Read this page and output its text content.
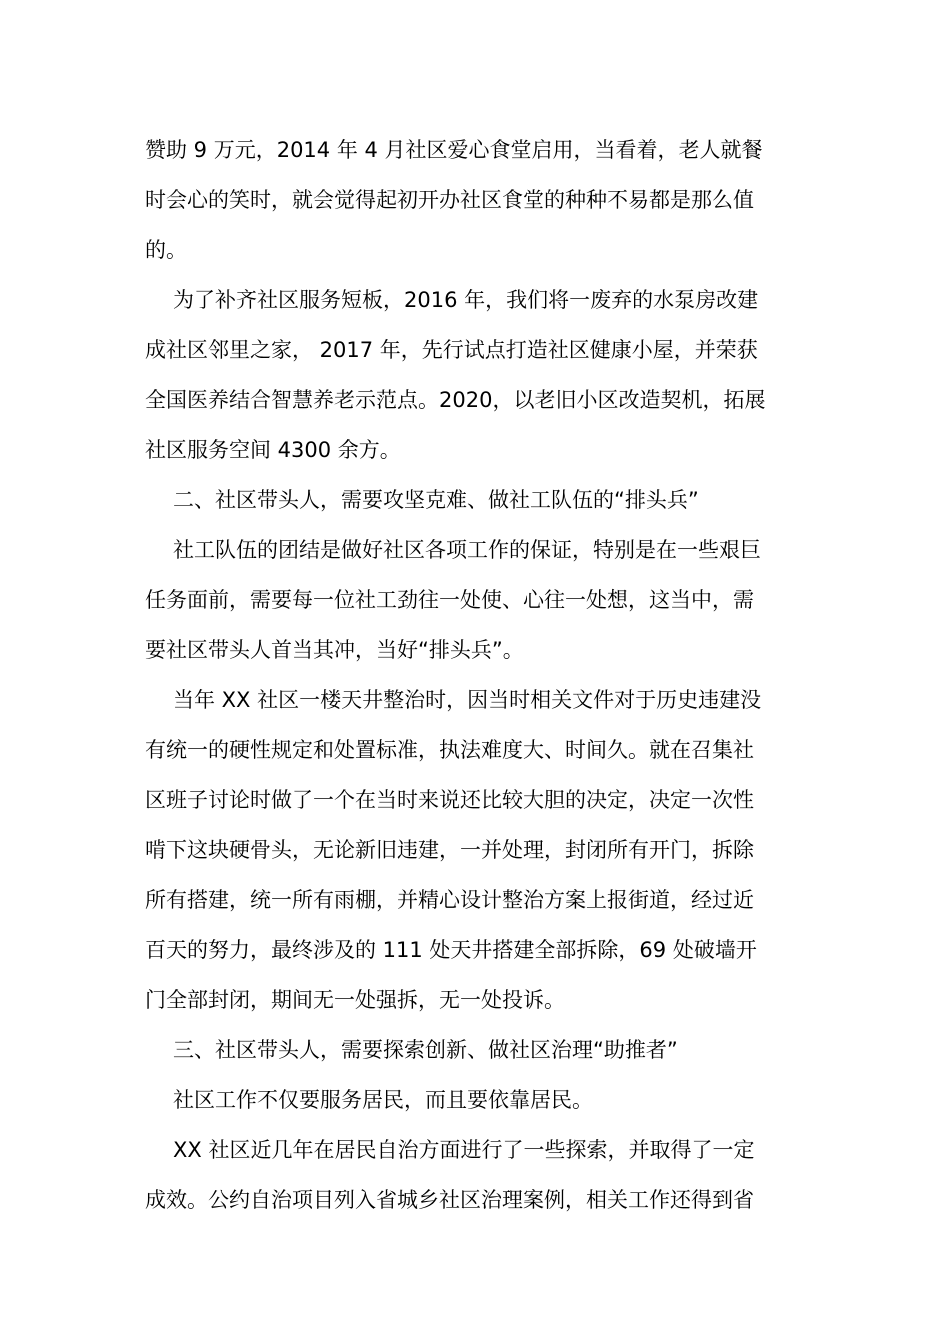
赞助 9 万元，2014 年 4 月社区爱心食堂启用，当看着，老人就餐
时会心的笑时，就会觉得起初开办社区食堂的种种不易都是那么值
的。
为了补齐社区服务短板，2016 年，我们将一废弃的水泵房改建
成社区邻里之家， 2017 年，先行试点打造社区健康小屋，并荣获
全国医养结合智慧养老示范点。2020，以老旧小区改造契机，拓展
社区服务空间 4300 余方。
二、社区带头人，需要攻坚克难、做社工队伍的“排头兵”
社工队伍的团结是做好社区各项工作的保证，特别是在一些艰巨
任务面前，需要每一位社工劲往一处使、心往一处想，这当中，需
要社区带头人首当其冲，当好“排头兵”。
当年 XX 社区一楼天井整治时，因当时相关文件对于历史违建没
有统一的硬性规定和处置标准，执法难度大、时间久。就在召集社
区班子讨论时做了一个在当时来说还比较大胆的决定，决定一次性
啃下这块硬骨头，无论新旧违建，一并处理，封闭所有开门，拆除
所有搭建，统一所有雨棚，并精心设计整治方案上报街道，经过近
百天的努力，最终涉及的 111 处天井搭建全部拆除，69 处破墙开
门全部封闭，期间无一处强拆，无一处投诉。
三、社区带头人，需要探索创新、做社区治理“助推者”
社区工作不仅要服务居民，而且要依靠居民。
XX 社区近几年在居民自治方面进行了一些探索，并取得了一定
成效。公约自治项目列入省城乡社区治理案例，相关工作还得到省
